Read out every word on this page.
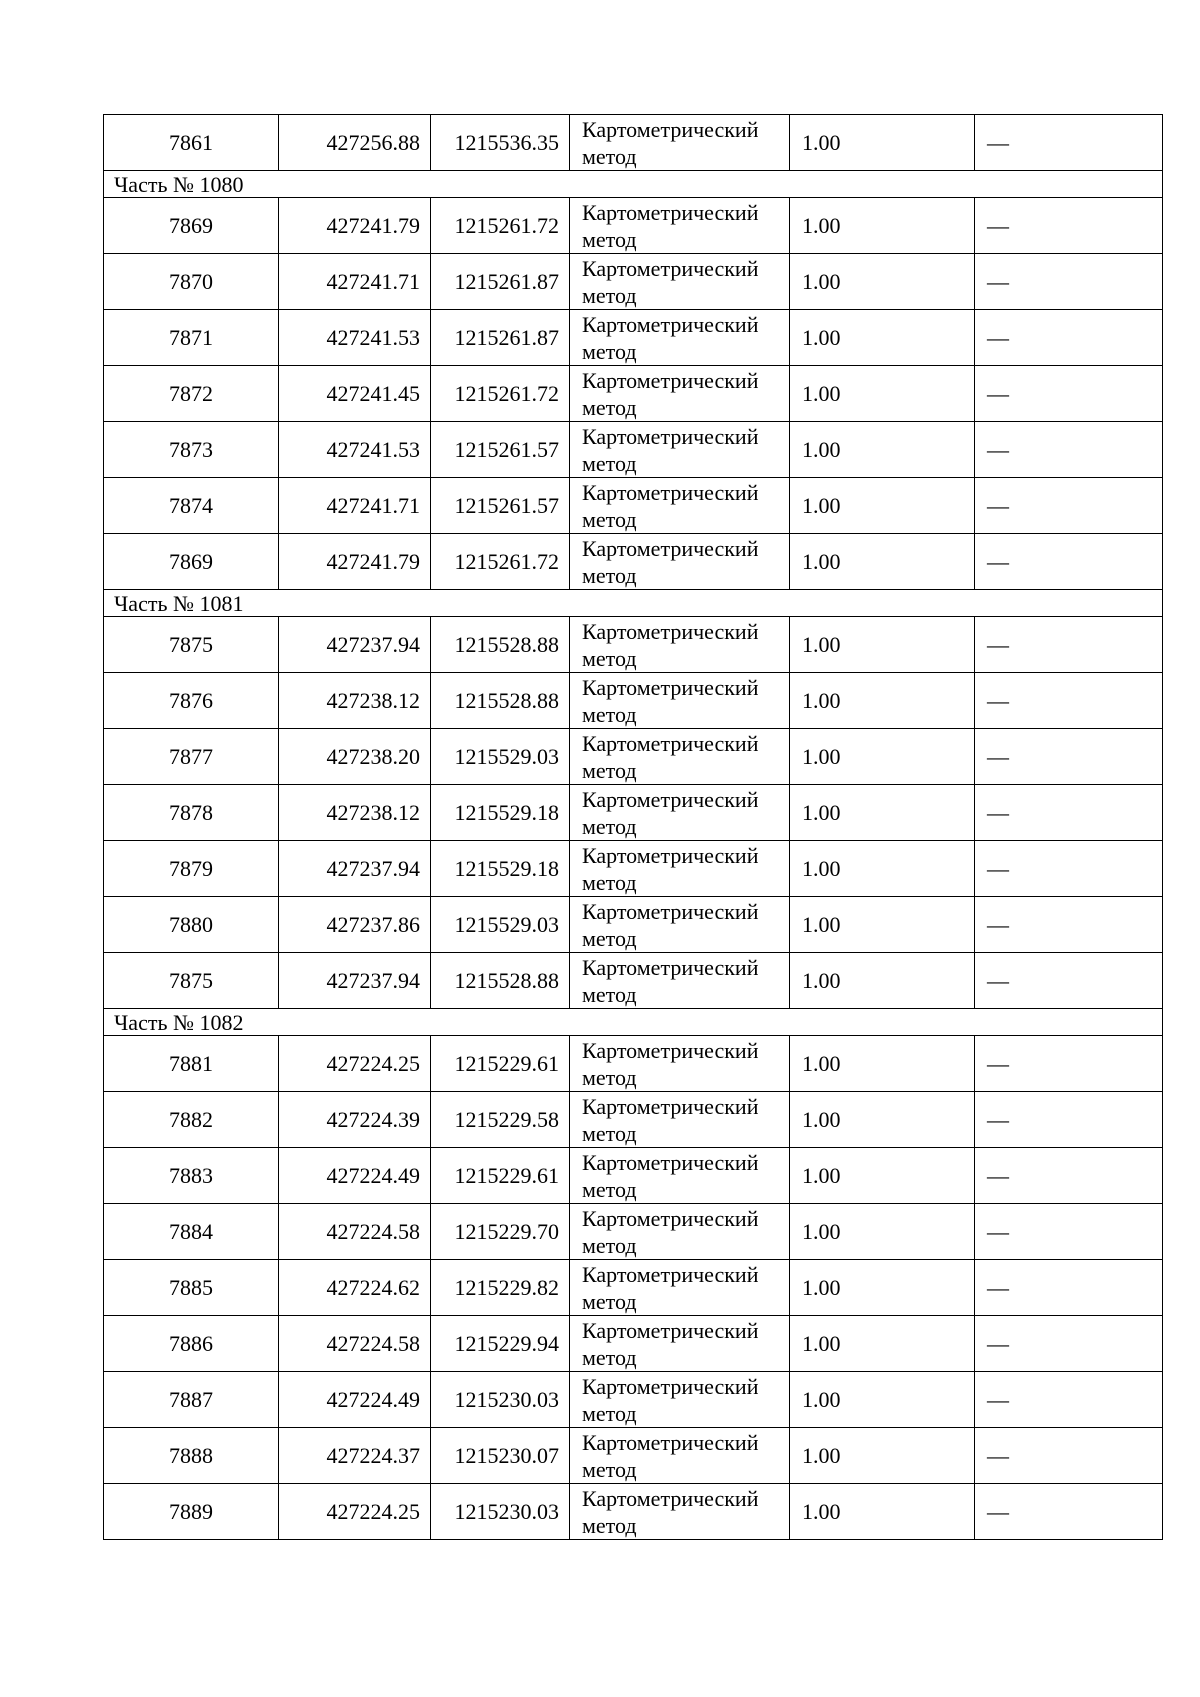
7861	427256.88	1215536.35	Картометрический
метод	1.00	—
Часть № 1080					
7869	427241.79	1215261.72	Картометрический
метод	1.00	—
7870	427241.71	1215261.87	Картометрический
метод	1.00	—
7871	427241.53	1215261.87	Картометрический
метод	1.00	—
7872	427241.45	1215261.72	Картометрический
метод	1.00	—
7873	427241.53	1215261.57	Картометрический
метод	1.00	—
7874	427241.71	1215261.57	Картометрический
метод	1.00	—
7869	427241.79	1215261.72	Картометрический
метод	1.00	—
Часть № 1081					
7875	427237.94	1215528.88	Картометрический
метод	1.00	—
7876	427238.12	1215528.88	Картометрический
метод	1.00	—
7877	427238.20	1215529.03	Картометрический
метод	1.00	—
7878	427238.12	1215529.18	Картометрический
метод	1.00	—
7879	427237.94	1215529.18	Картометрический
метод	1.00	—
7880	427237.86	1215529.03	Картометрический
метод	1.00	—
7875	427237.94	1215528.88	Картометрический
метод	1.00	—
Часть № 1082					
7881	427224.25	1215229.61	Картометрический
метод	1.00	—
7882	427224.39	1215229.58	Картометрический
метод	1.00	—
7883	427224.49	1215229.61	Картометрический
метод	1.00	—
7884	427224.58	1215229.70	Картометрический
метод	1.00	—
7885	427224.62	1215229.82	Картометрический
метод	1.00	—
7886	427224.58	1215229.94	Картометрический
метод	1.00	—
7887	427224.49	1215230.03	Картометрический
метод	1.00	—
7888	427224.37	1215230.07	Картометрический
метод	1.00	—
7889	427224.25	1215230.03	Картометрический
метод	1.00	—
